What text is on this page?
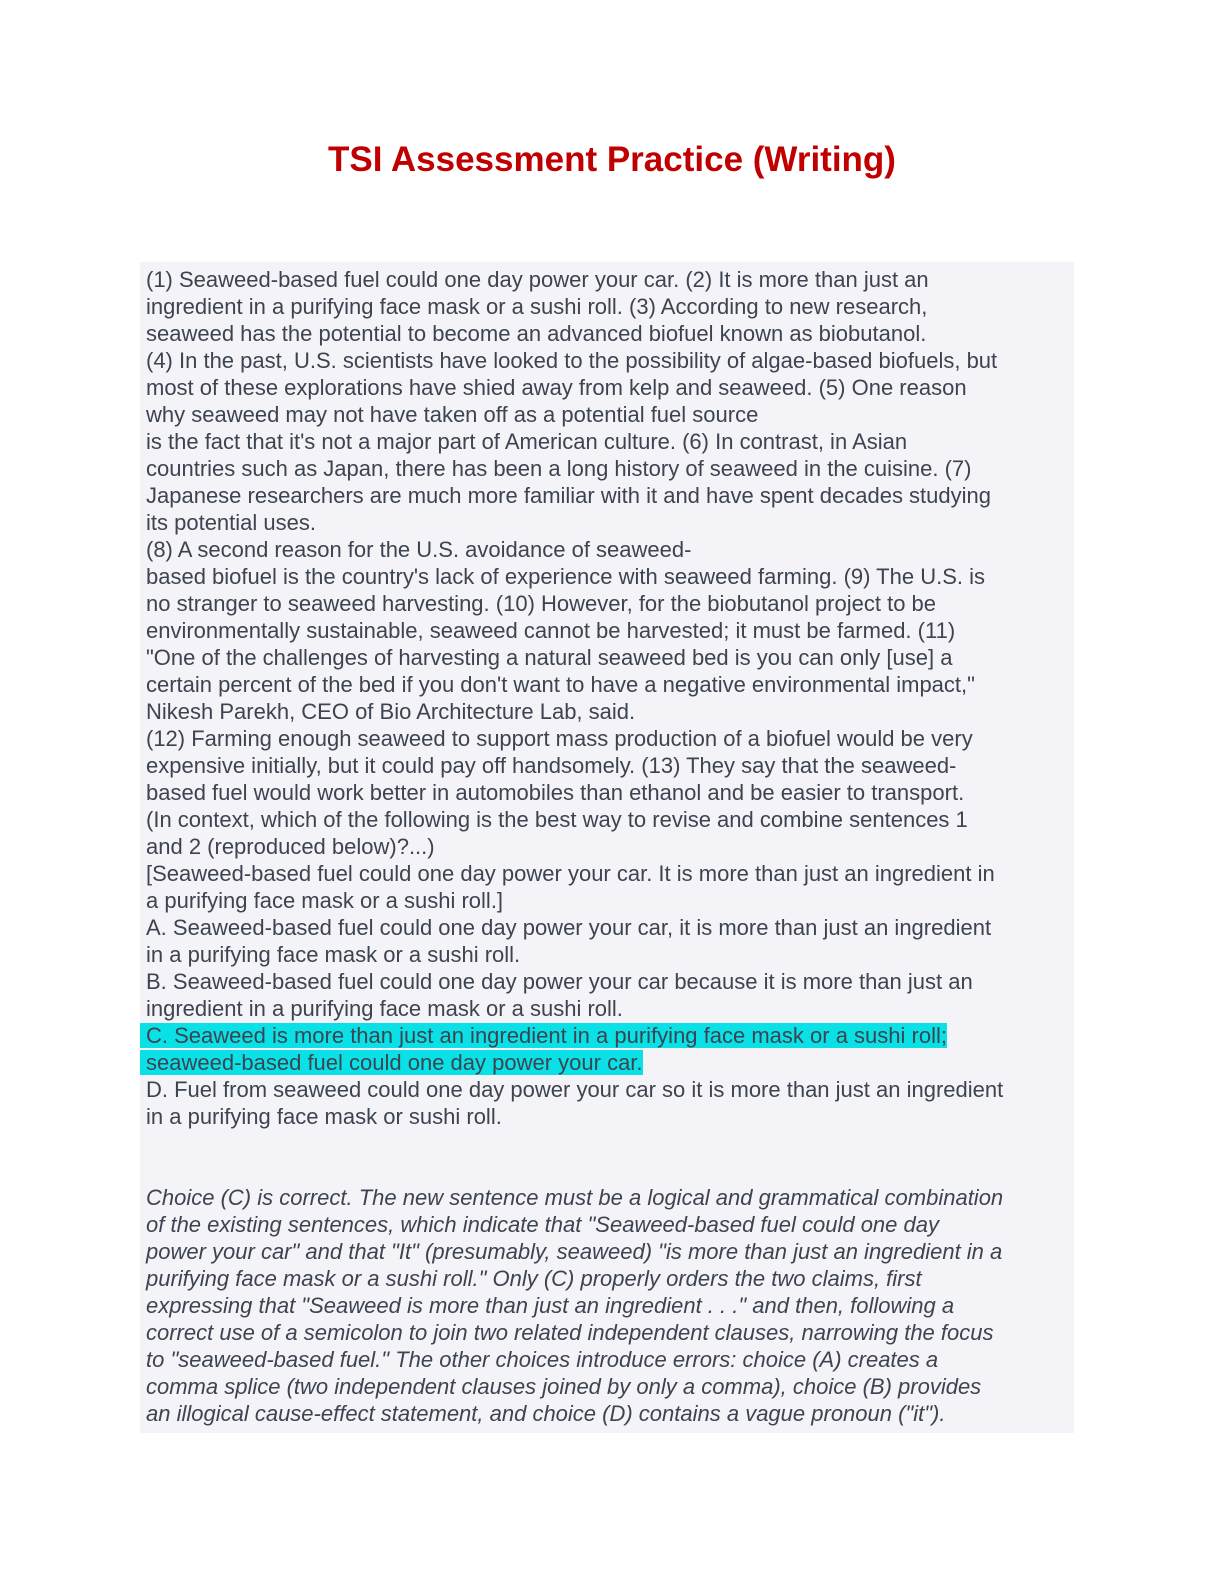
TSI Assessment Practice (Writing)
(1) Seaweed-based fuel could one day power your car. (2) It is more than just an
ingredient in a purifying face mask or a sushi roll. (3) According to new research,
seaweed has the potential to become an advanced biofuel known as biobutanol.
(4) In the past, U.S. scientists have looked to the possibility of algae-based biofuels, but
most of these explorations have shied away from kelp and seaweed. (5) One reason
why seaweed may not have taken off as a potential fuel source
is the fact that it's not a major part of American culture. (6) In contrast, in Asian
countries such as Japan, there has been a long history of seaweed in the cuisine. (7)
Japanese researchers are much more familiar with it and have spent decades studying
its potential uses.
(8) A second reason for the U.S. avoidance of seaweed-
based biofuel is the country's lack of experience with seaweed farming. (9) The U.S. is
no stranger to seaweed harvesting. (10) However, for the biobutanol project to be
environmentally sustainable, seaweed cannot be harvested; it must be farmed. (11)
"One of the challenges of harvesting a natural seaweed bed is you can only [use] a
certain percent of the bed if you don't want to have a negative environmental impact,"
Nikesh Parekh, CEO of Bio Architecture Lab, said.
(12) Farming enough seaweed to support mass production of a biofuel would be very
expensive initially, but it could pay off handsomely. (13) They say that the seaweed-
based fuel would work better in automobiles than ethanol and be easier to transport.
(In context, which of the following is the best way to revise and combine sentences 1
and 2 (reproduced below)?...)
[Seaweed-based fuel could one day power your car. It is more than just an ingredient in
a purifying face mask or a sushi roll.]
A. Seaweed-based fuel could one day power your car, it is more than just an ingredient
in a purifying face mask or a sushi roll.
B. Seaweed-based fuel could one day power your car because it is more than just an
ingredient in a purifying face mask or a sushi roll.
C. Seaweed is more than just an ingredient in a purifying face mask or a sushi roll;
seaweed-based fuel could one day power your car.
D. Fuel from seaweed could one day power your car so it is more than just an ingredient
in a purifying face mask or sushi roll.
Choice (C) is correct. The new sentence must be a logical and grammatical combination
of the existing sentences, which indicate that "Seaweed-based fuel could one day
power your car" and that "It" (presumably, seaweed) "is more than just an ingredient in a
purifying face mask or a sushi roll." Only (C) properly orders the two claims, first
expressing that "Seaweed is more than just an ingredient . . ." and then, following a
correct use of a semicolon to join two related independent clauses, narrowing the focus
to "seaweed-based fuel." The other choices introduce errors: choice (A) creates a
comma splice (two independent clauses joined by only a comma), choice (B) provides
an illogical cause-effect statement, and choice (D) contains a vague pronoun ("it").
